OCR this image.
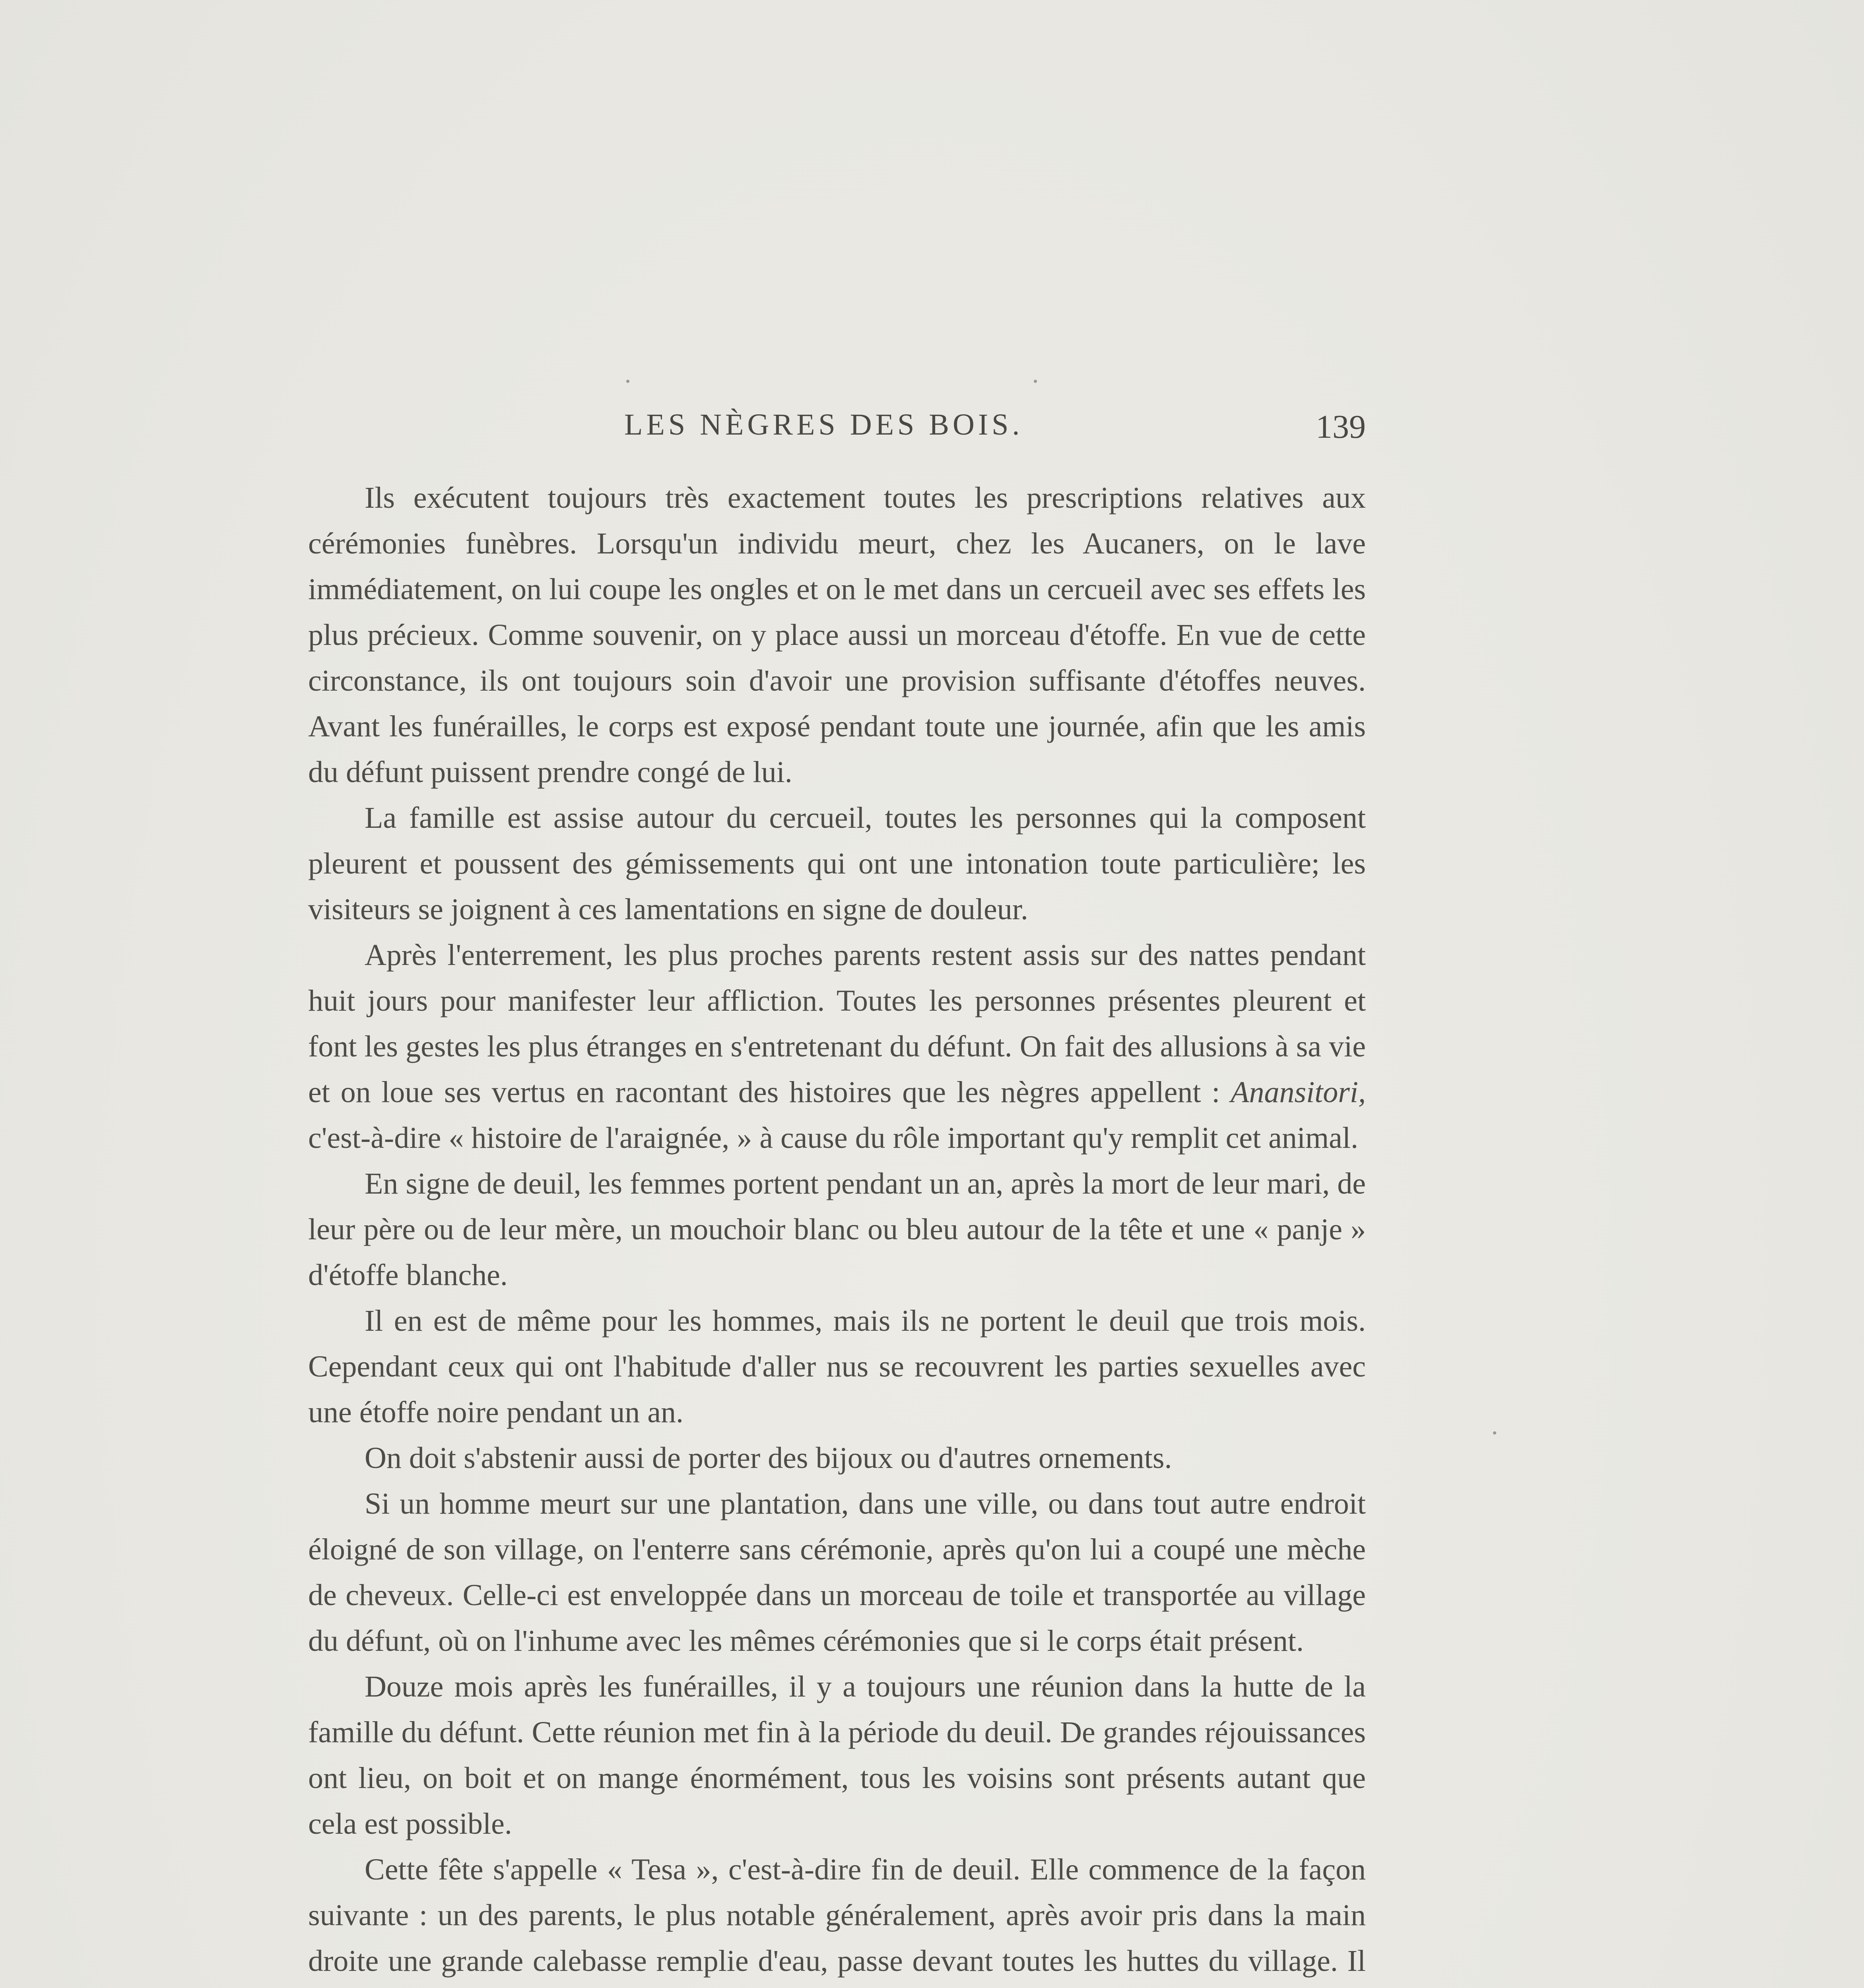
LES NÈGRES DES BOIS.	139

Ils exécutent toujours très exactement toutes les prescriptions relatives aux cérémonies funèbres. Lorsqu'un individu meurt, chez les Aucaners, on le lave immédiatement, on lui coupe les ongles et on le met dans un cercueil avec ses effets les plus précieux. Comme souvenir, on y place aussi un morceau d'étoffe. En vue de cette circonstance, ils ont toujours soin d'avoir une provision suffisante d'étoffes neuves. Avant les funérailles, le corps est exposé pendant toute une journée, afin que les amis du défunt puissent prendre congé de lui.

La famille est assise autour du cercueil, toutes les personnes qui la composent pleurent et poussent des gémissements qui ont une intonation toute particulière; les visiteurs se joignent à ces lamentations en signe de douleur.

Après l'enterrement, les plus proches parents restent assis sur des nattes pendant huit jours pour manifester leur affliction. Toutes les personnes présentes pleurent et font les gestes les plus étranges en s'entretenant du défunt. On fait des allusions à sa vie et on loue ses vertus en racontant des histoires que les nègres appellent : Anansitori, c'est-à-dire « histoire de l'araignée, » à cause du rôle important qu'y remplit cet animal.

En signe de deuil, les femmes portent pendant un an, après la mort de leur mari, de leur père ou de leur mère, un mouchoir blanc ou bleu autour de la tête et une « panje » d'étoffe blanche.

Il en est de même pour les hommes, mais ils ne portent le deuil que trois mois. Cependant ceux qui ont l'habitude d'aller nus se recouvrent les parties sexuelles avec une étoffe noire pendant un an.

On doit s'abstenir aussi de porter des bijoux ou d'autres ornements.

Si un homme meurt sur une plantation, dans une ville, ou dans tout autre endroit éloigné de son village, on l'enterre sans cérémonie, après qu'on lui a coupé une mèche de cheveux. Celle-ci est enveloppée dans un morceau de toile et transportée au village du défunt, où on l'inhume avec les mêmes cérémonies que si le corps était présent.

Douze mois après les funérailles, il y a toujours une réunion dans la hutte de la famille du défunt. Cette réunion met fin à la période du deuil. De grandes réjouissances ont lieu, on boit et on mange énormément, tous les voisins sont présents autant que cela est possible.

Cette fête s'appelle « Tesa », c'est-à-dire fin de deuil. Elle commence de la façon suivante : un des parents, le plus notable généralement, après avoir pris dans la main droite une grande calebasse remplie d'eau, passe devant toutes les huttes du village. Il
